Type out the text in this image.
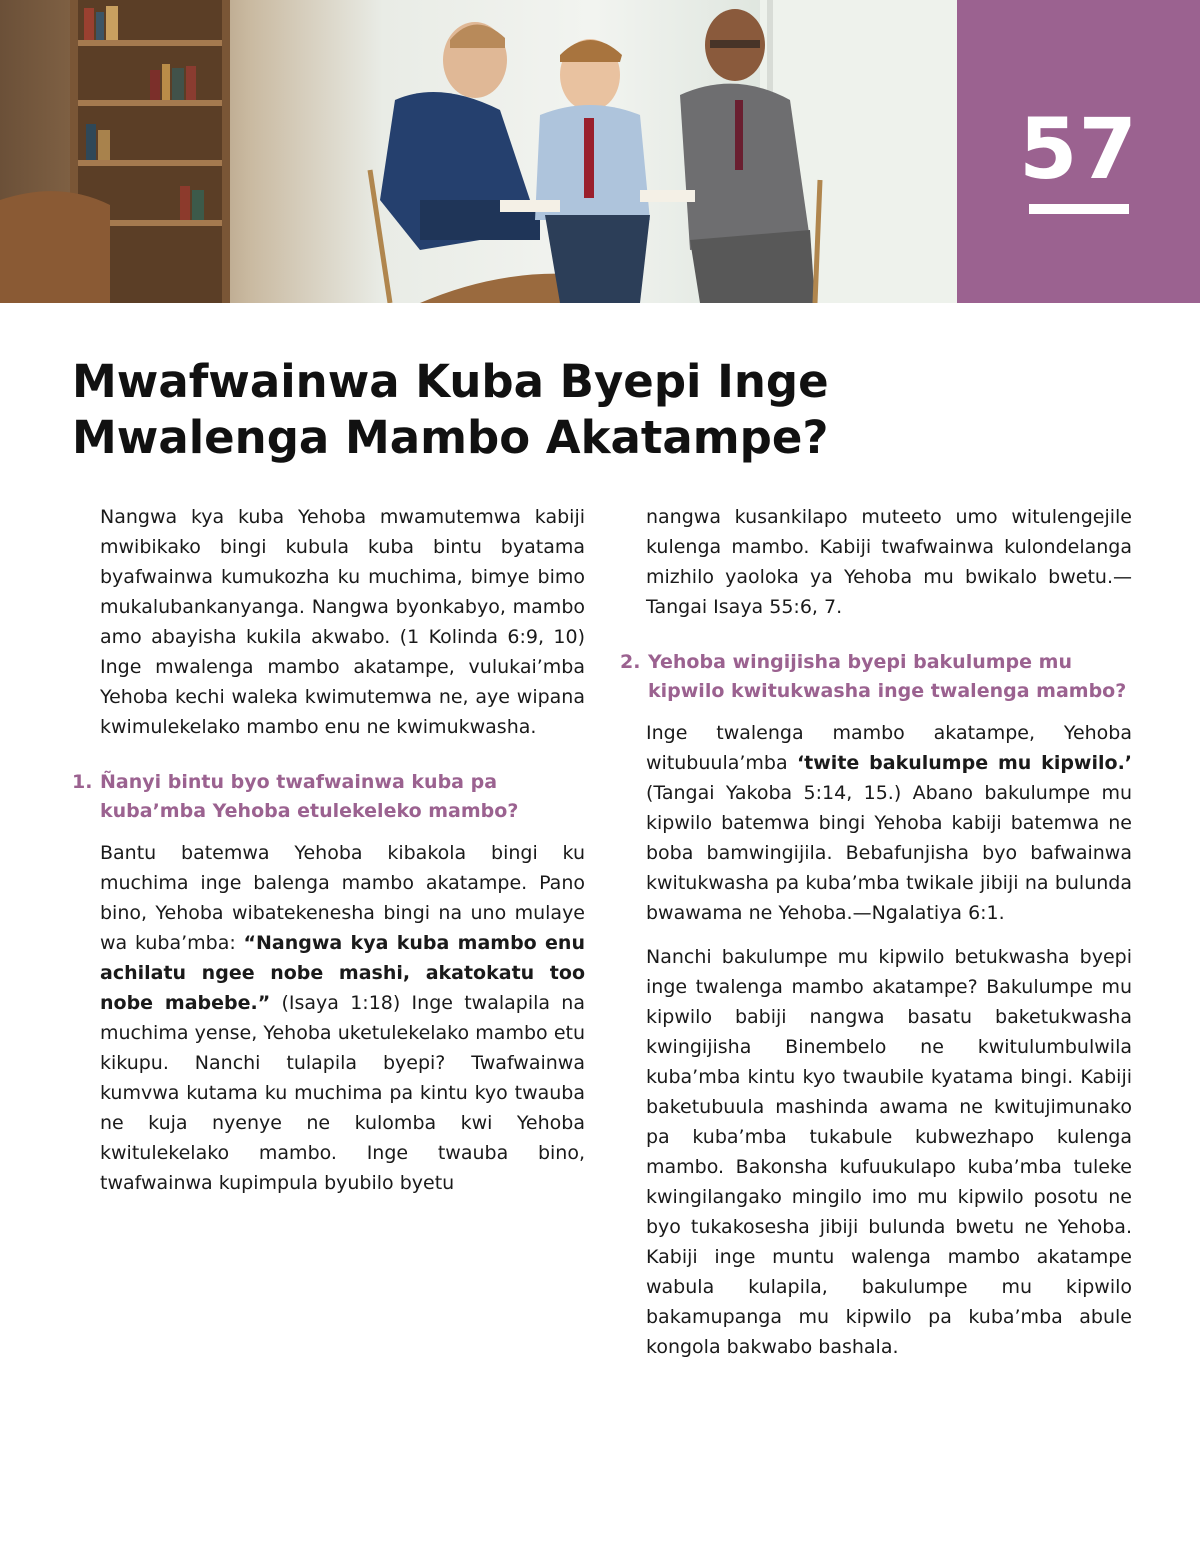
57
Mwafwainwa Kuba Byepi Inge Mwalenga Mambo Akatampe?

Nangwa kya kuba Yehoba mwamutemwa kabiji mwibikako bingi kubula kuba bintu byatama byafwainwa kumukozha ku muchima, bimye bimo mukalubankanyanga. Nangwa byonkabyo, mambo amo abayisha kukila akwabo. (1 Kolinda 6:9, 10) Inge mwalenga mambo akatampe, vulukai’mba Yehoba kechi waleka kwimutemwa ne, aye wipana kwimulekelako mambo enu ne kwimukwasha.

1. Ñanyi bintu byo twafwainwa kuba pa kuba’mba Yehoba etulekeleko mambo?

Bantu batemwa Yehoba kibakola bingi ku muchima inge balenga mambo akatampe. Pano bino, Yehoba wibatekenesha bingi na uno mulaye wa kuba’mba: “Nangwa kya kuba mambo enu achilatu ngee nobe mashi, akatokatu too nobe mabebe.” (Isaya 1:18) Inge twalapila na muchima yense, Yehoba uketulekelako mambo etu kikupu. Nanchi tulapila byepi? Twafwainwa kumvwa kutama ku muchima pa kintu kyo twauba ne kuja nyenye ne kulomba kwi Yehoba kwitulekelako mambo. Inge twauba bino, twafwainwa kupimpula byubilo byetu

nangwa kusankilapo muteeto umo witulengejile kulenga mambo. Kabiji twafwainwa kulondelanga mizhilo yaoloka ya Yehoba mu bwikalo bwetu.—Tangai Isaya 55:6, 7.

2. Yehoba wingijisha byepi bakulumpe mu kipwilo kwitukwasha inge twalenga mambo?

Inge twalenga mambo akatampe, Yehoba witubuula’mba ‘twite bakulumpe mu kipwilo.’ (Tangai Yakoba 5:14, 15.) Abano bakulumpe mu kipwilo batemwa bingi Yehoba kabiji batemwa ne boba bamwingijila. Bebafunjisha byo bafwainwa kwitukwasha pa kuba’mba twikale jibiji na bulunda bwawama ne Yehoba.—Ngalatiya 6:1.

Nanchi bakulumpe mu kipwilo betukwasha byepi inge twalenga mambo akatampe? Bakulumpe mu kipwilo babiji nangwa basatu baketukwasha kwingijisha Binembelo ne kwitulumbulwila kuba’mba kintu kyo twaubile kyatama bingi. Kabiji baketubuula mashinda awama ne kwitujimunako pa kuba’mba tukabule kubwezhapo kulenga mambo. Bakonsha kufuukulapo kuba’mba tuleke kwingilangako mingilo imo mu kipwilo posotu ne byo tukakosesha jibiji bulunda bwetu ne Yehoba. Kabiji inge muntu walenga mambo akatampe wabula kulapila, bakulumpe mu kipwilo bakamupanga mu kipwilo pa kuba’mba abule kongola bakwabo bashala.
